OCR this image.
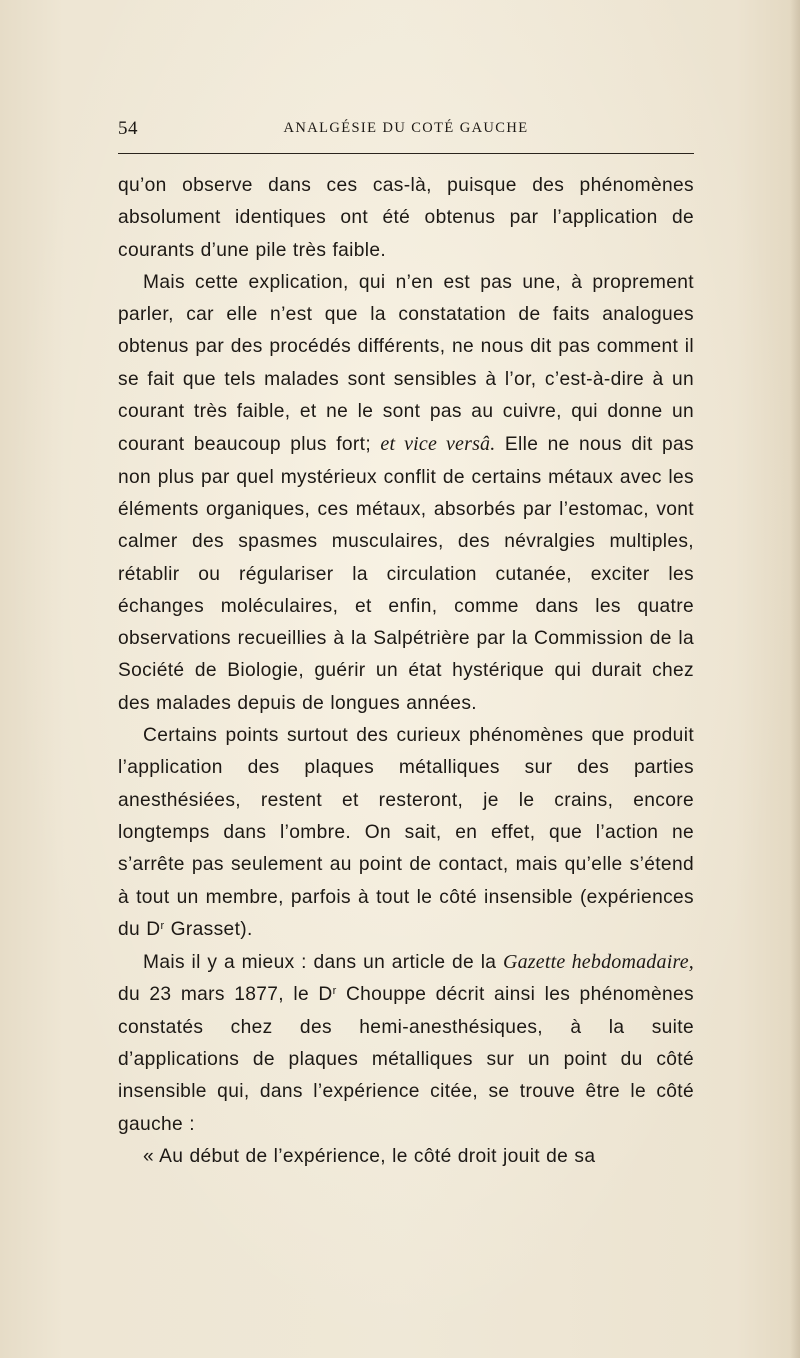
54	ANALGÉSIE DU COTÉ GAUCHE

qu’on observe dans ces cas-là, puisque des phénomènes absolument identiques ont été obtenus par l’application de courants d’une pile très faible.

Mais cette explication, qui n’en est pas une, à proprement parler, car elle n’est que la constatation de faits analogues obtenus par des procédés différents, ne nous dit pas comment il se fait que tels malades sont sensibles à l’or, c’est-à-dire à un courant très faible, et ne le sont pas au cuivre, qui donne un courant beaucoup plus fort; et vice versâ. Elle ne nous dit pas non plus par quel mystérieux conflit de certains métaux avec les éléments organiques, ces métaux, absorbés par l’estomac, vont calmer des spasmes musculaires, des névralgies multiples, rétablir ou régulariser la circulation cutanée, exciter les échanges moléculaires, et enfin, comme dans les quatre observations recueillies à la Salpétrière par la Commission de la Société de Biologie, guérir un état hystérique qui durait chez des malades depuis de longues années.

Certains points surtout des curieux phénomènes que produit l’application des plaques métalliques sur des parties anesthésiées, restent et resteront, je le crains, encore longtemps dans l’ombre. On sait, en effet, que l’action ne s’arrête pas seulement au point de contact, mais qu’elle s’étend à tout un membre, parfois à tout le côté insensible (expériences du $D^r$ Grasset).

Mais il y a mieux : dans un article de la Gazette hebdomadaire, du 23 mars 1877, le $D^r$ Chouppe décrit ainsi les phénomènes constatés chez des hemi-anesthésiques, à la suite d’applications de plaques métalliques sur un point du côté insensible qui, dans l’expérience citée, se trouve être le côté gauche :

« Au début de l’expérience, le côté droit jouit de sa
